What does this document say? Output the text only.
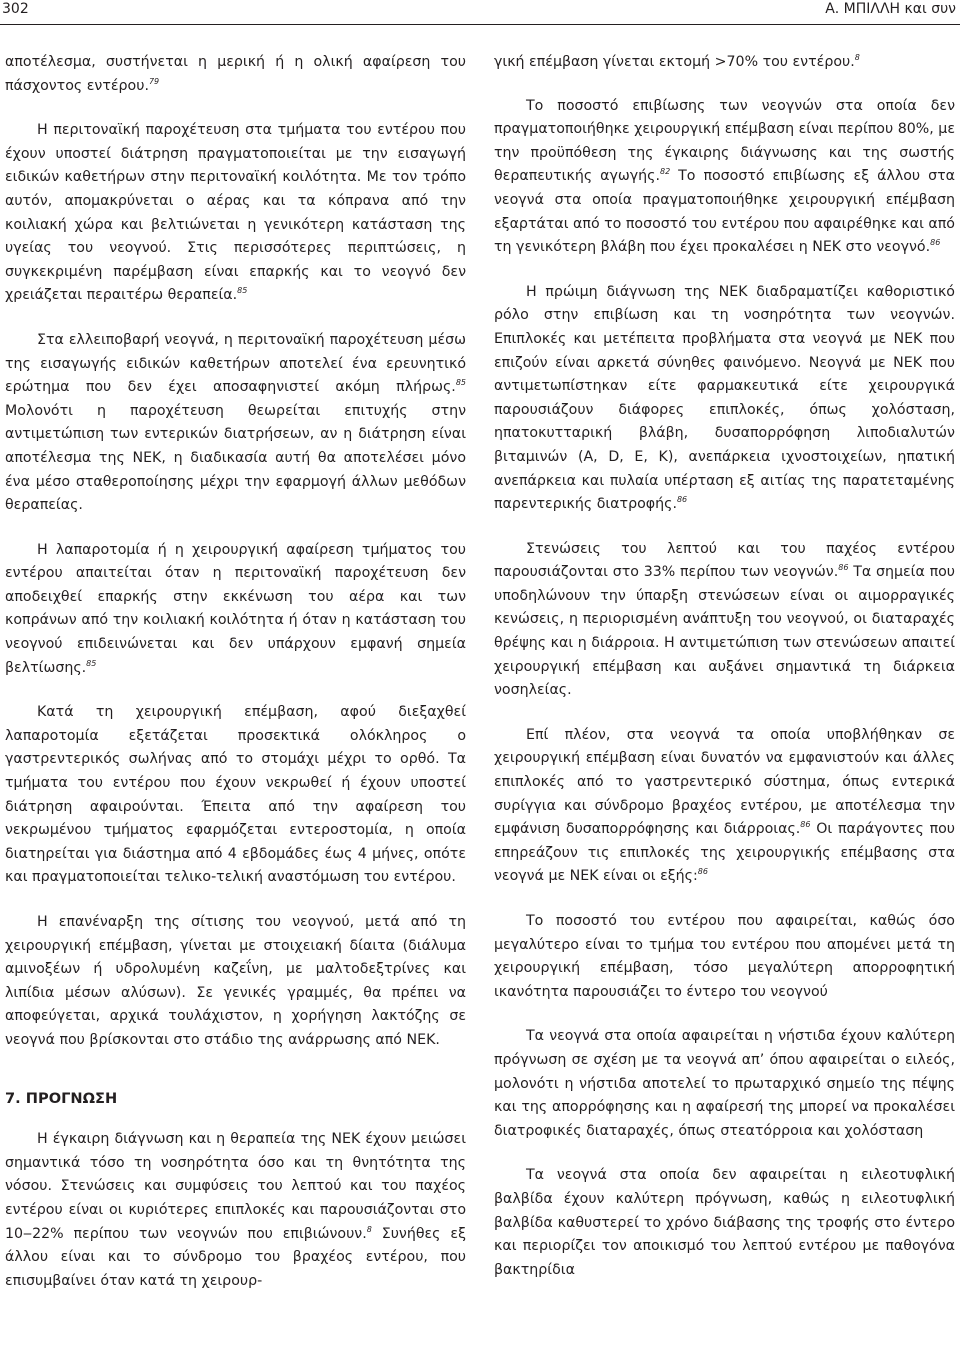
302	Α. ΜΠΙΛΛΗ και συν

αποτέλεσμα, συστήνεται η μερική ή η ολική αφαίρεση του πάσχοντος εντέρου.$^{79}$

Η περιτοναϊκή παροχέτευση στα τμήματα του εντέρου που έχουν υποστεί διάτρηση πραγματοποιείται με την εισαγωγή ειδικών καθετήρων στην περιτοναϊκή κοιλότητα. Με τον τρόπο αυτόν, απομακρύνεται ο αέρας και τα κόπρανα από την κοιλιακή χώρα και βελτιώνεται η γενικότερη κατάσταση της υγείας του νεογνού. Στις περισσότερες περιπτώσεις, η συγκεκριμένη παρέμβαση είναι επαρκής και το νεογνό δεν χρειάζεται περαιτέρω θεραπεία.$^{85}$

Στα ελλειποβαρή νεογνά, η περιτοναϊκή παροχέτευση μέσω της εισαγωγής ειδικών καθετήρων αποτελεί ένα ερευνητικό ερώτημα που δεν έχει αποσαφηνιστεί ακόμη πλήρως.$^{85}$ Μολονότι η παροχέτευση θεωρείται επιτυχής στην αντιμετώπιση των εντερικών διατρήσεων, αν η διάτρηση είναι αποτέλεσμα της ΝΕΚ, η διαδικασία αυτή θα αποτελέσει μόνο ένα μέσο σταθεροποίησης μέχρι την εφαρμογή άλλων μεθόδων θεραπείας.

Η λαπαροτομία ή η χειρουργική αφαίρεση τμήματος του εντέρου απαιτείται όταν η περιτοναϊκή παροχέτευση δεν αποδειχθεί επαρκής στην εκκένωση του αέρα και των κοπράνων από την κοιλιακή κοιλότητα ή όταν η κατάσταση του νεογνού επιδεινώνεται και δεν υπάρχουν εμφανή σημεία βελτίωσης.$^{85}$

Κατά τη χειρουργική επέμβαση, αφού διεξαχθεί λαπαροτομία εξετάζεται προσεκτικά ολόκληρος ο γαστρεντερικός σωλήνας από το στομάχι μέχρι το ορθό. Τα τμήματα του εντέρου που έχουν νεκρωθεί ή έχουν υποστεί διάτρηση αφαιρούνται. Έπειτα από την αφαίρεση του νεκρωμένου τμήματος εφαρμόζεται εντεροστομία, η οποία διατηρείται για διάστημα από 4 εβδομάδες έως 4 μήνες, οπότε και πραγματοποιείται τελικο-τελική αναστόμωση του εντέρου.

Η επανέναρξη της σίτισης του νεογνού, μετά από τη χειρουργική επέμβαση, γίνεται με στοιχειακή δίαιτα (διάλυμα αμινοξέων ή υδρολυμένη καζεΐνη, με μαλτοδεξτρίνες και λιπίδια μέσων αλύσων). Σε γενικές γραμμές, θα πρέπει να αποφεύγεται, αρχικά τουλάχιστον, η χορήγηση λακτόζης σε νεογνά που βρίσκονται στο στάδιο της ανάρρωσης από ΝΕΚ.

7. ΠΡΟΓΝΩΣΗ

Η έγκαιρη διάγνωση και η θεραπεία της ΝΕΚ έχουν μειώσει σημαντικά τόσο τη νοσηρότητα όσο και τη θνητότητα της νόσου. Στενώσεις και συμφύσεις του λεπτού και του παχέος εντέρου είναι οι κυριότερες επιπλοκές και παρουσιάζονται στο 10‒22% περίπου των νεογνών που επιβιώνουν.$^8$ Συνήθες εξ άλλου είναι και το σύνδρομο του βραχέος εντέρου, που επισυμβαίνει όταν κατά τη χειρουρ-

γική επέμβαση γίνεται εκτομή >70% του εντέρου.$^8$

Το ποσοστό επιβίωσης των νεογνών στα οποία δεν πραγματοποιήθηκε χειρουργική επέμβαση είναι περίπου 80%, με την προϋπόθεση της έγκαιρης διάγνωσης και της σωστής θεραπευτικής αγωγής.$^{82}$ Το ποσοστό επιβίωσης εξ άλλου στα νεογνά στα οποία πραγματοποιήθηκε χειρουργική επέμβαση εξαρτάται από το ποσοστό του εντέρου που αφαιρέθηκε και από τη γενικότερη βλάβη που έχει προκαλέσει η ΝΕΚ στο νεογνό.$^{86}$

Η πρώιμη διάγνωση της ΝΕΚ διαδραματίζει καθοριστικό ρόλο στην επιβίωση και τη νοσηρότητα των νεογνών. Επιπλοκές και μετέπειτα προβλήματα στα νεογνά με ΝΕΚ που επιζούν είναι αρκετά σύνηθες φαινόμενο. Νεογνά με ΝΕΚ που αντιμετωπίστηκαν είτε φαρμακευτικά είτε χειρουργικά παρουσιάζουν διάφορες επιπλοκές, όπως χολόσταση, ηπατοκυτταρική βλάβη, δυσαπορρόφηση λιποδιαλυτών βιταμινών (Α, D, E, K), ανεπάρκεια ιχνοστοιχείων, ηπατική ανεπάρκεια και πυλαία υπέρταση εξ αιτίας της παρατεταμένης παρεντερικής διατροφής.$^{86}$

Στενώσεις του λεπτού και του παχέος εντέρου παρουσιάζονται στο 33% περίπου των νεογνών.$^{86}$ Τα σημεία που υποδηλώνουν την ύπαρξη στενώσεων είναι οι αιμορραγικές κενώσεις, η περιορισμένη ανάπτυξη του νεογνού, οι διαταραχές θρέψης και η διάρροια. Η αντιμετώπιση των στενώσεων απαιτεί χειρουργική επέμβαση και αυξάνει σημαντικά τη διάρκεια νοσηλείας.

Επί πλέον, στα νεογνά τα οποία υποβλήθηκαν σε χειρουργική επέμβαση είναι δυνατόν να εμφανιστούν και άλλες επιπλοκές από το γαστρεντερικό σύστημα, όπως εντερικά συρίγγια και σύνδρομο βραχέος εντέρου, με αποτέλεσμα την εμφάνιση δυσαπορρόφησης και διάρροιας.$^{86}$ Οι παράγοντες που επηρεάζουν τις επιπλοκές της χειρουργικής επέμβασης στα νεογνά με ΝΕΚ είναι οι εξής:$^{86}$

Το ποσοστό του εντέρου που αφαιρείται, καθώς όσο μεγαλύτερο είναι το τμήμα του εντέρου που απομένει μετά τη χειρουργική επέμβαση, τόσο μεγαλύτερη απορροφητική ικανότητα παρουσιάζει το έντερο του νεογνού

Τα νεογνά στα οποία αφαιρείται η νήστιδα έχουν καλύτερη πρόγνωση σε σχέση με τα νεογνά απ’ όπου αφαιρείται ο ειλεός, μολονότι η νήστιδα αποτελεί το πρωταρχικό σημείο της πέψης και της απορρόφησης και η αφαίρεσή της μπορεί να προκαλέσει διατροφικές διαταραχές, όπως στεατόρροια και χολόσταση

Τα νεογνά στα οποία δεν αφαιρείται η ειλεοτυφλική βαλβίδα έχουν καλύτερη πρόγνωση, καθώς η ειλεοτυφλική βαλβίδα καθυστερεί το χρόνο διάβασης της τροφής στο έντερο και περιορίζει τον αποικισμό του λεπτού εντέρου με παθογόνα βακτηρίδια
